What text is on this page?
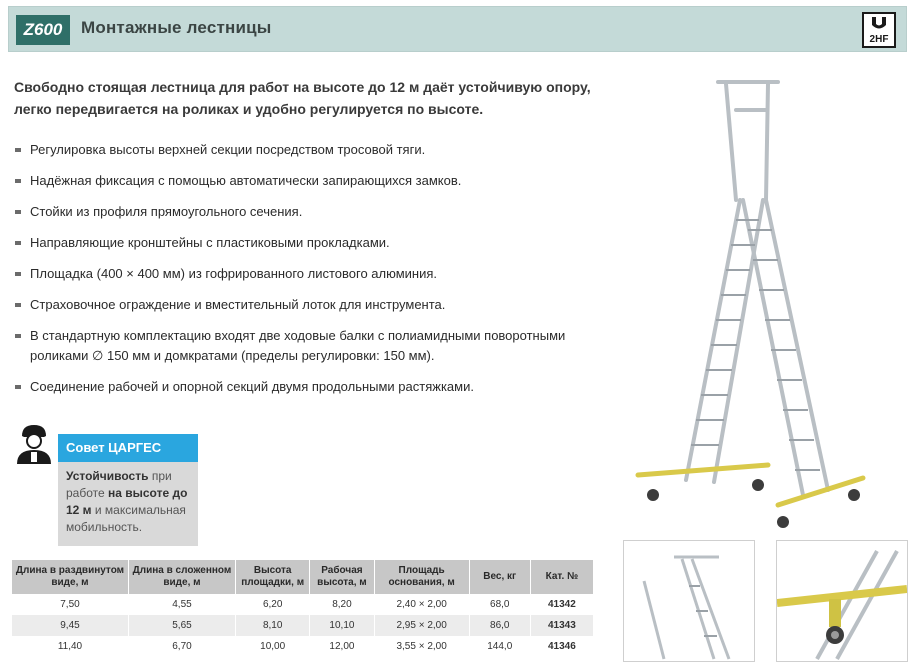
Z600	Монтажные лестницы
2HF
Свободно стоящая лестница для работ на высоте до 12 м даёт устойчивую опору, легко передвигается на роликах и удобно регулируется по высоте.
Регулировка высоты верхней секции посредством тросовой тяги.
Надёжная фиксация с помощью автоматически запирающихся замков.
Стойки из профиля прямоугольного сечения.
Направляющие кронштейны с пластиковыми прокладками.
Площадка (400 × 400 мм) из гофрированного листового алюминия.
Страховочное ограждение и вместительный лоток для инструмента.
В стандартную комплектацию входят две ходовые балки с полиамидными поворотными роликами ∅ 150 мм и домкратами (пределы регулировки: 150 мм).
Соединение рабочей и опорной секций двумя продольными растяжками.
Совет ЦАРГЕС
Устойчивость при работе на высоте до 12 м и максимальная мобильность.
Длина в раздвинутом виде, м	Длина в сложенном виде, м	Высота площадки, м	Рабочая высота, м	Площадь основания, м	Вес, кг	Кат. №
7,50	4,55	6,20	8,20	2,40 × 2,00	68,0	41342
9,45	5,65	8,10	10,10	2,95 × 2,00	86,0	41343
11,40	6,70	10,00	12,00	3,55 × 2,00	144,0	41346
